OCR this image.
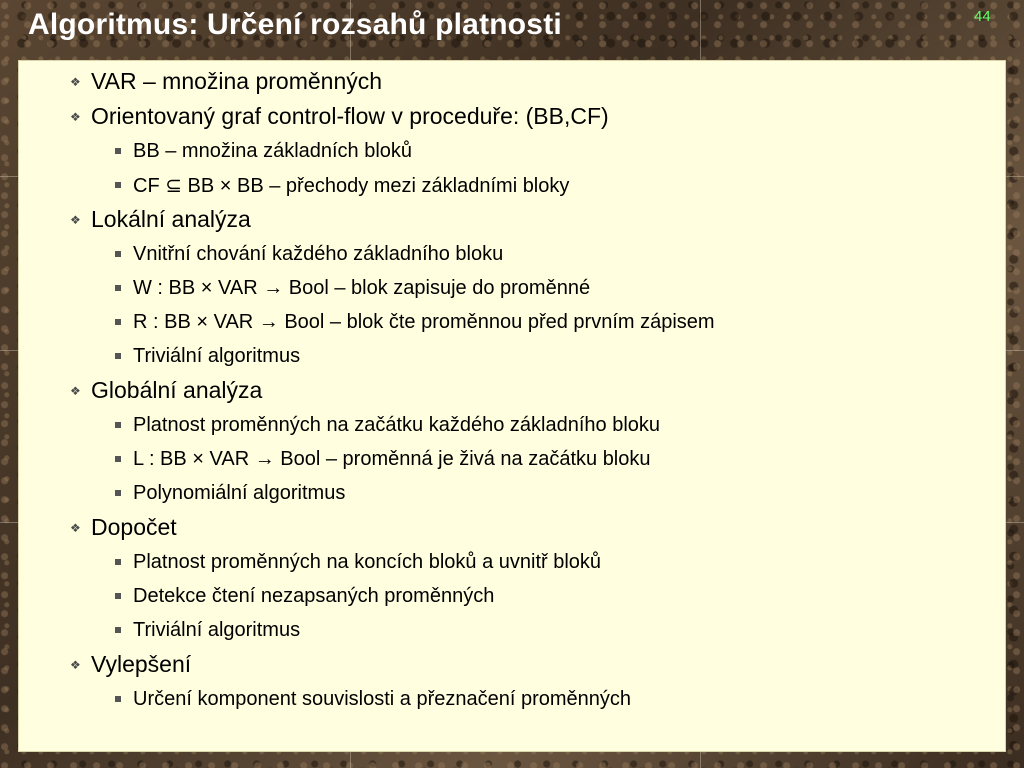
Algoritmus: Určení rozsahů platnosti	44
❖ VAR – množina proměnných
❖ Orientovaný graf control-flow v proceduře: (BB,CF)
BB – množina základních bloků
CF ⊆ BB × BB – přechody mezi základními bloky
❖ Lokální analýza
Vnitřní chování každého základního bloku
W : BB × VAR → Bool – blok zapisuje do proměnné
R : BB × VAR → Bool – blok čte proměnnou před prvním zápisem
Triviální algoritmus
❖ Globální analýza
Platnost proměnných na začátku každého základního bloku
L : BB × VAR → Bool – proměnná je živá na začátku bloku
Polynomiální algoritmus
❖ Dopočet
Platnost proměnných na koncích bloků a uvnitř bloků
Detekce čtení nezapsaných proměnných
Triviální algoritmus
❖ Vylepšení
Určení komponent souvislosti a přeznačení proměnných
